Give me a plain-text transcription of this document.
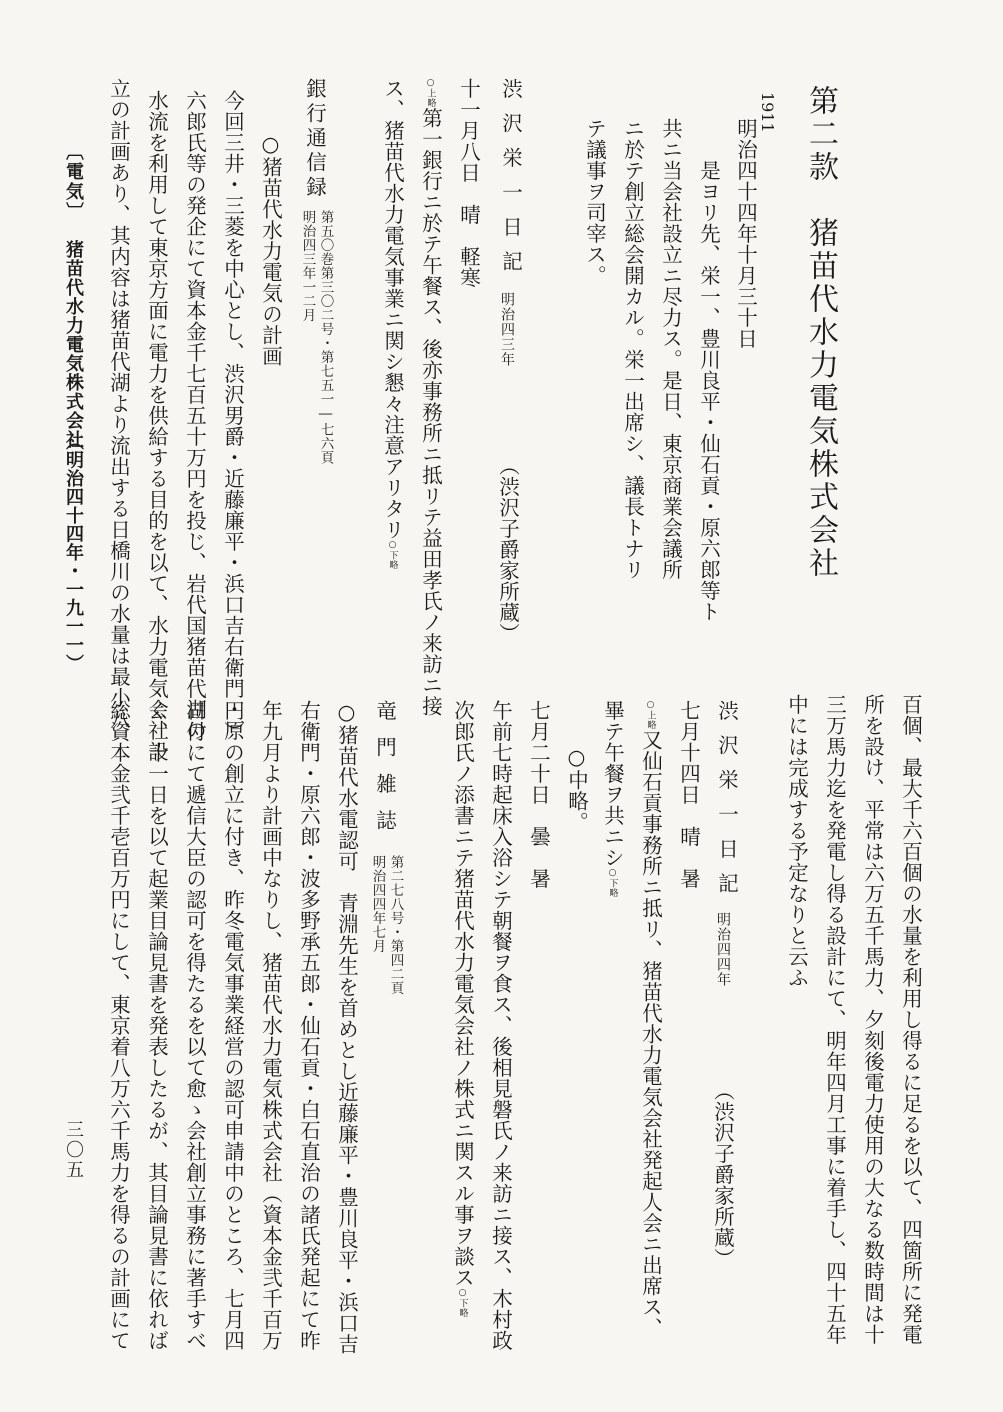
第二款　猪苗代水力電気株式会社
1911
明治四十四年十月三十日
是ヨリ先、栄一、豊川良平・仙石貢・原六郎等ト
共ニ当会社設立ニ尽力ス。是日、東京商業会議所
ニ於テ創立総会開カル。栄一出席シ、議長トナリ
テ議事ヲ司宰ス。
渋沢栄一日記
明治四三年
（渋沢子爵家所蔵）
十一月八日　晴　軽寒
○上略第一銀行ニ於テ午餐ス、後亦事務所ニ抵リテ益田孝氏ノ来訪ニ接
ス、猪苗代水力電気事業ニ関シ懇々注意アリタリ○下略
銀行通信録
第五〇巻第三〇二号・第七五一―七六頁
明治四三年一二月
○猪苗代水力電気の計画
今回三井・三菱を中心とし、渋沢男爵・近藤廉平・浜口吉右衛門・原
六郎氏等の発企にて資本金千七百五十万円を投じ、岩代国猪苗代湖の
水流を利用して東京方面に電力を供給する目的を以て、水力電気会社設
立の計画あり、其内容は猪苗代湖より流出する日橋川の水量は最小八
百個、最大千六百個の水量を利用し得るに足るを以て、四箇所に発電
所を設け、平常は六万五千馬力、夕刻後電力使用の大なる数時間は十
三万馬力迄を発電し得る設計にて、明年四月工事に着手し、四十五年
中には完成する予定なりと云ふ
渋沢栄一日記
明治四四年
（渋沢子爵家所蔵）
七月十四日　晴　暑
○上略又仙石貢事務所ニ抵リ、猪苗代水力電気会社発起人会ニ出席ス、
畢テ午餐ヲ共ニシ○下略
○中略。
七月二十日　曇　暑
午前七時起床入浴シテ朝餐ヲ食ス、後相見磐氏ノ来訪ニ接ス、木村政
次郎氏ノ添書ニテ猪苗代水力電気会社ノ株式ニ関スル事ヲ談ス○下略
竜門雑誌
第二七八号・第四二頁
明治四四年七月
○猪苗代水電認可　青淵先生を首めとし近藤廉平・豊川良平・浜口吉
右衛門・原六郎・波多野承五郎・仙石貢・白石直治の諸氏発起にて昨
年九月より計画中なりし、猪苗代水力電気株式会社（資本金弐千百万
円）の創立に付き、昨冬電気事業経営の認可申請中のところ、七月四
日付にて遞信大臣の認可を得たるを以て愈ゝ会社創立事務に著手すべ
く、十一日を以て起業目論見書を発表したるが、其目論見書に依れば
総資本金弐千壱百万円にして、東京着八万六千馬力を得るの計画にて
〔電気〕
猪苗代水力電気株式会社
（明治四十四年・一九一一）
三〇五
